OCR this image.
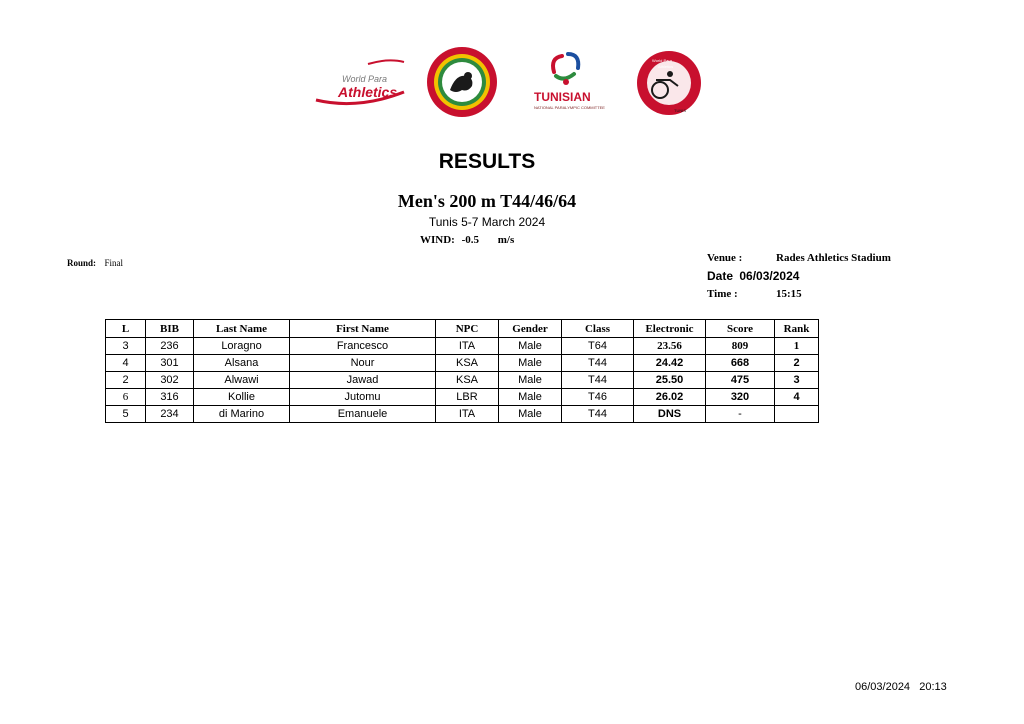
World Para
Athletics	TUNISIAN
NATIONAL PARALYMPIC COMMITTEE
World Para
Athletics
TUNIS
RESULTS
Men's 200 m T44/46/64
Tunis 5-7 March 2024
WIND: -0.5 m/s
Round: Final	Venue :	Rades Athletics Stadium
Date 06/03/2024
Time :	15:15
L	BIB	Last Name	First Name	NPC	Gender	Class	Electronic	Score	Rank
3	236	Loragno	Francesco	ITA	Male	T64	23.56	809	1
4	301	Alsana	Nour	KSA	Male	T44	24.42	668	2
2	302	Alwawi	Jawad	KSA	Male	T44	25.50	475	3
6	316	Kollie	Jutomu	LBR	Male	T46	26.02	320	4
5	234	di Marino	Emanuele	ITA	Male	T44	DNS	-	
06/03/2024   20:13
